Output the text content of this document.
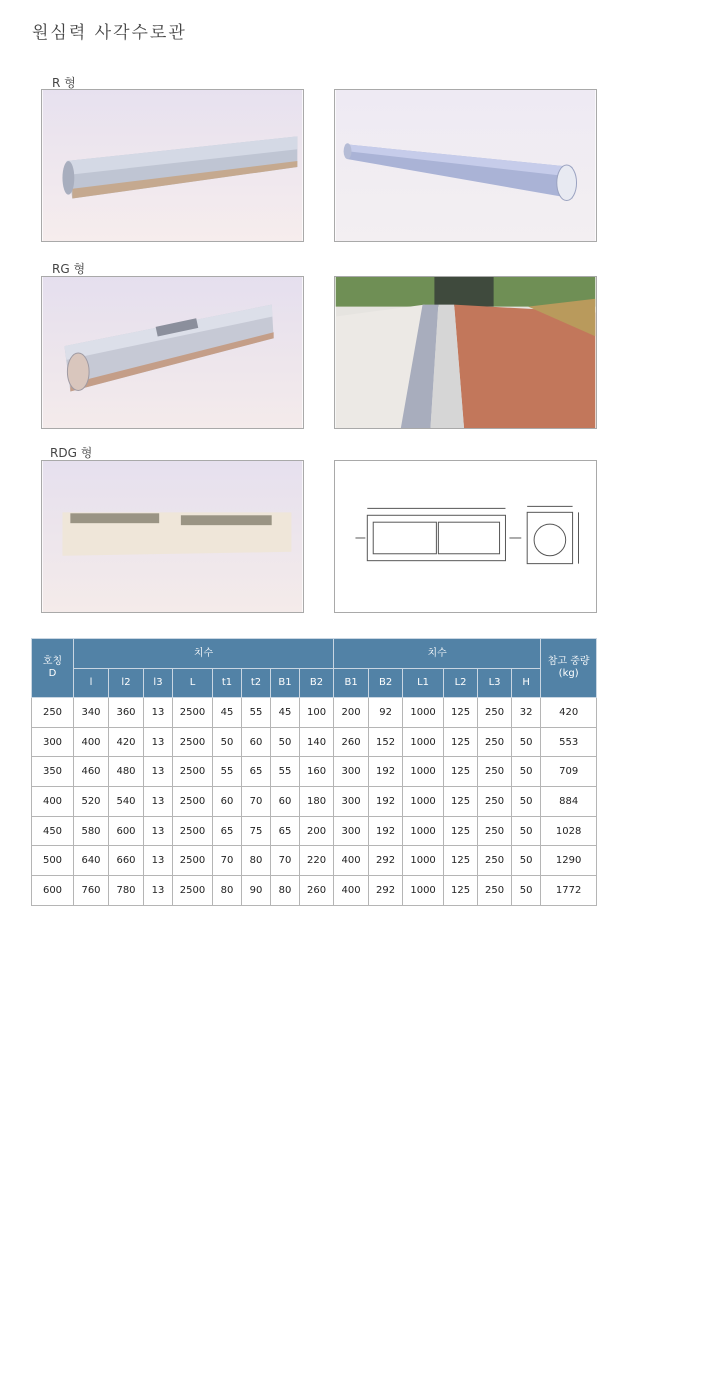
원심력 사각수로관
R 형
RG 형
RDG 형
호칭
D	치수								치수						참고 중량
(kg)
	l	l2	l3	L	t1	t2	B1	B2	B1	B2	L1	L2	L3	H	
250	340	360	13	2500	45	55	45	100	200	92	1000	125	250	32	420
300	400	420	13	2500	50	60	50	140	260	152	1000	125	250	50	553
350	460	480	13	2500	55	65	55	160	300	192	1000	125	250	50	709
400	520	540	13	2500	60	70	60	180	300	192	1000	125	250	50	884
450	580	600	13	2500	65	75	65	200	300	192	1000	125	250	50	1028
500	640	660	13	2500	70	80	70	220	400	292	1000	125	250	50	1290
600	760	780	13	2500	80	90	80	260	400	292	1000	125	250	50	1772
